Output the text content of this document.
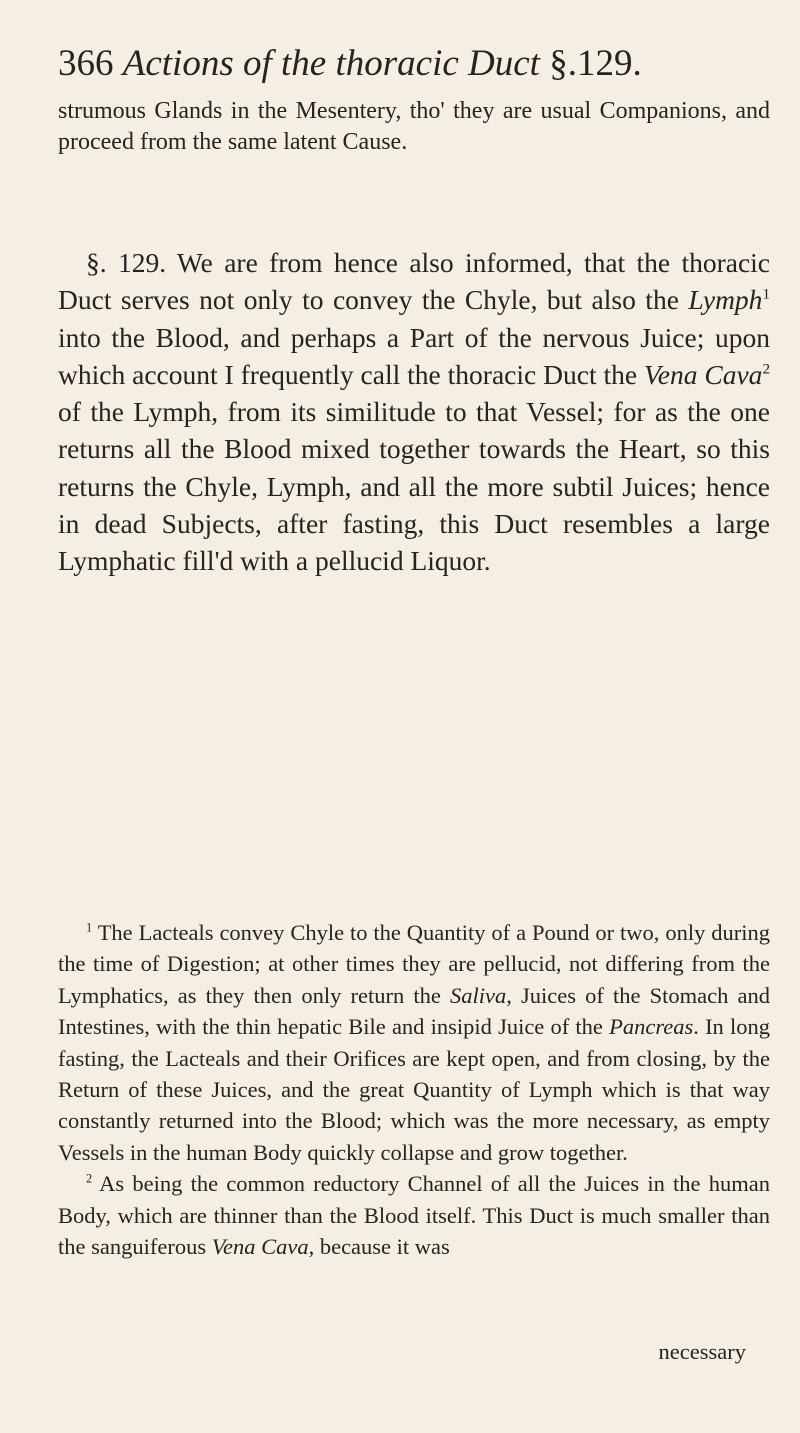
366 Actions of the thoracic Duct §.129.

strumous Glands in the Mesentery, tho' they are usual Companions, and proceed from the same latent Cause.

§. 129. We are from hence also informed, that the thoracic Duct serves not only to convey the Chyle, but also the Lymph$^1$ into the Blood, and perhaps a Part of the nervous Juice; upon which account I frequently call the thoracic Duct the Vena Cava$^2$ of the Lymph, from its similitude to that Vessel; for as the one returns all the Blood mixed together towards the Heart, so this returns the Chyle, Lymph, and all the more subtil Juices; hence in dead Subjects, after fasting, this Duct resembles a large Lymphatic fill'd with a pellucid Liquor.

$^1$ The Lacteals convey Chyle to the Quantity of a Pound or two, only during the time of Digestion; at other times they are pellucid, not differing from the Lymphatics, as they then only return the Saliva, Juices of the Stomach and Intestines, with the thin hepatic Bile and insipid Juice of the Pancreas. In long fasting, the Lacteals and their Orifices are kept open, and from closing, by the Return of these Juices, and the great Quantity of Lymph which is that way constantly returned into the Blood; which was the more necessary, as empty Vessels in the human Body quickly collapse and grow together.

$^2$ As being the common reductory Channel of all the Juices in the human Body, which are thinner than the Blood itself. This Duct is much smaller than the sanguiferous Vena Cava, because it was

necessary
